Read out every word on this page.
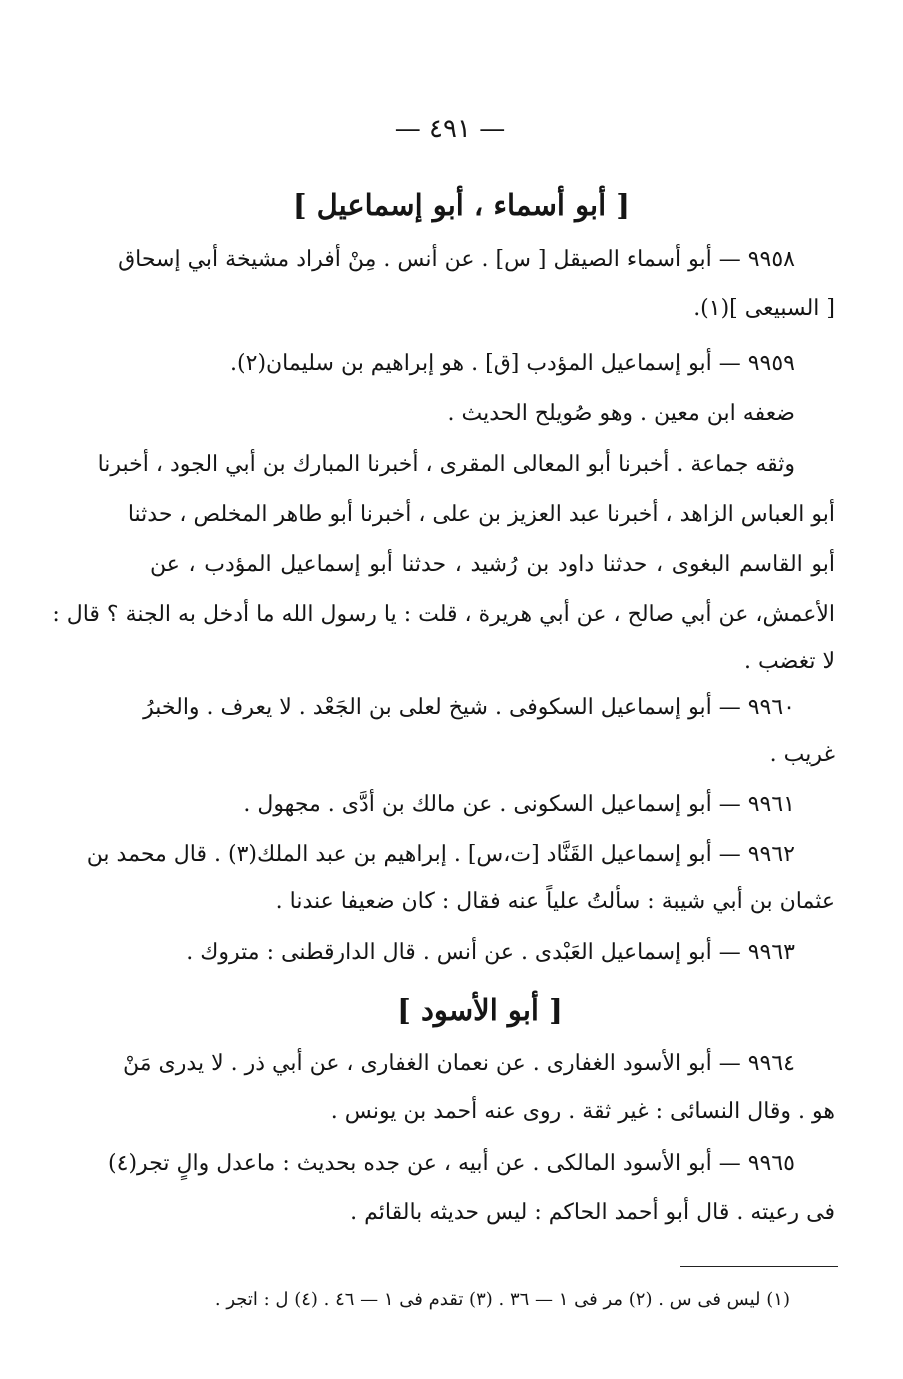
— ٤٩١ —
[ أبو أسماء ، أبو إسماعيل ]
٩٩٥٨ — أبو أسماء الصيقل [ س] . عن أنس . مِنْ أفراد مشيخة أبي إسحاق
[ السبيعى ](١).
٩٩٥٩ — أبو إسماعيل المؤدب [ق] . هو إبراهيم بن سليمان(٢).
ضعفه ابن معين . وهو صُويلح الحديث .
وثقه جماعة . أخبرنا أبو المعالى المقرى ، أخبرنا المبارك بن أبي الجود ، أخبرنا
أبو العباس الزاهد ، أخبرنا عبد العزيز بن على ، أخبرنا أبو طاهر المخلص ، حدثنا
أبو القاسم البغوى ، حدثنا داود بن رُشيد ، حدثنا أبو إسماعيل المؤدب ، عن
الأعمش، عن أبي صالح ، عن أبي هريرة ، قلت : يا رسول الله ما أدخل به الجنة ؟ قال :
لا تغضب .
٩٩٦٠ — أبو إسماعيل السكوفى . شيخ لعلى بن الجَعْد . لا يعرف . والخبرُ
غريب .
٩٩٦١ — أبو إسماعيل السكونى . عن مالك بن أدَّى . مجهول .
٩٩٦٢ — أبو إسماعيل القَنَّاد [ت،س] . إبراهيم بن عبد الملك(٣) . قال محمد بن
عثمان بن أبي شيبة : سألتُ علياً عنه فقال : كان ضعيفا عندنا .
٩٩٦٣ — أبو إسماعيل العَبْدى . عن أنس . قال الدارقطنى : متروك .
[ أبو الأسود ]
٩٩٦٤ — أبو الأسود الغفارى . عن نعمان الغفارى ، عن أبي ذر . لا يدرى مَنْ
هو . وقال النسائى : غير ثقة . روى عنه أحمد بن يونس .
٩٩٦٥ — أبو الأسود المالكى . عن أبيه ، عن جده بحديث : ماعدل والٍ تجر(٤)
فى رعيته . قال أبو أحمد الحاكم : ليس حديثه بالقائم .
(١) ليس فى س . (٢) مر فى ١ — ٣٦ . (٣) تقدم فى ١ — ٤٦ . (٤) ل : اتجر .
